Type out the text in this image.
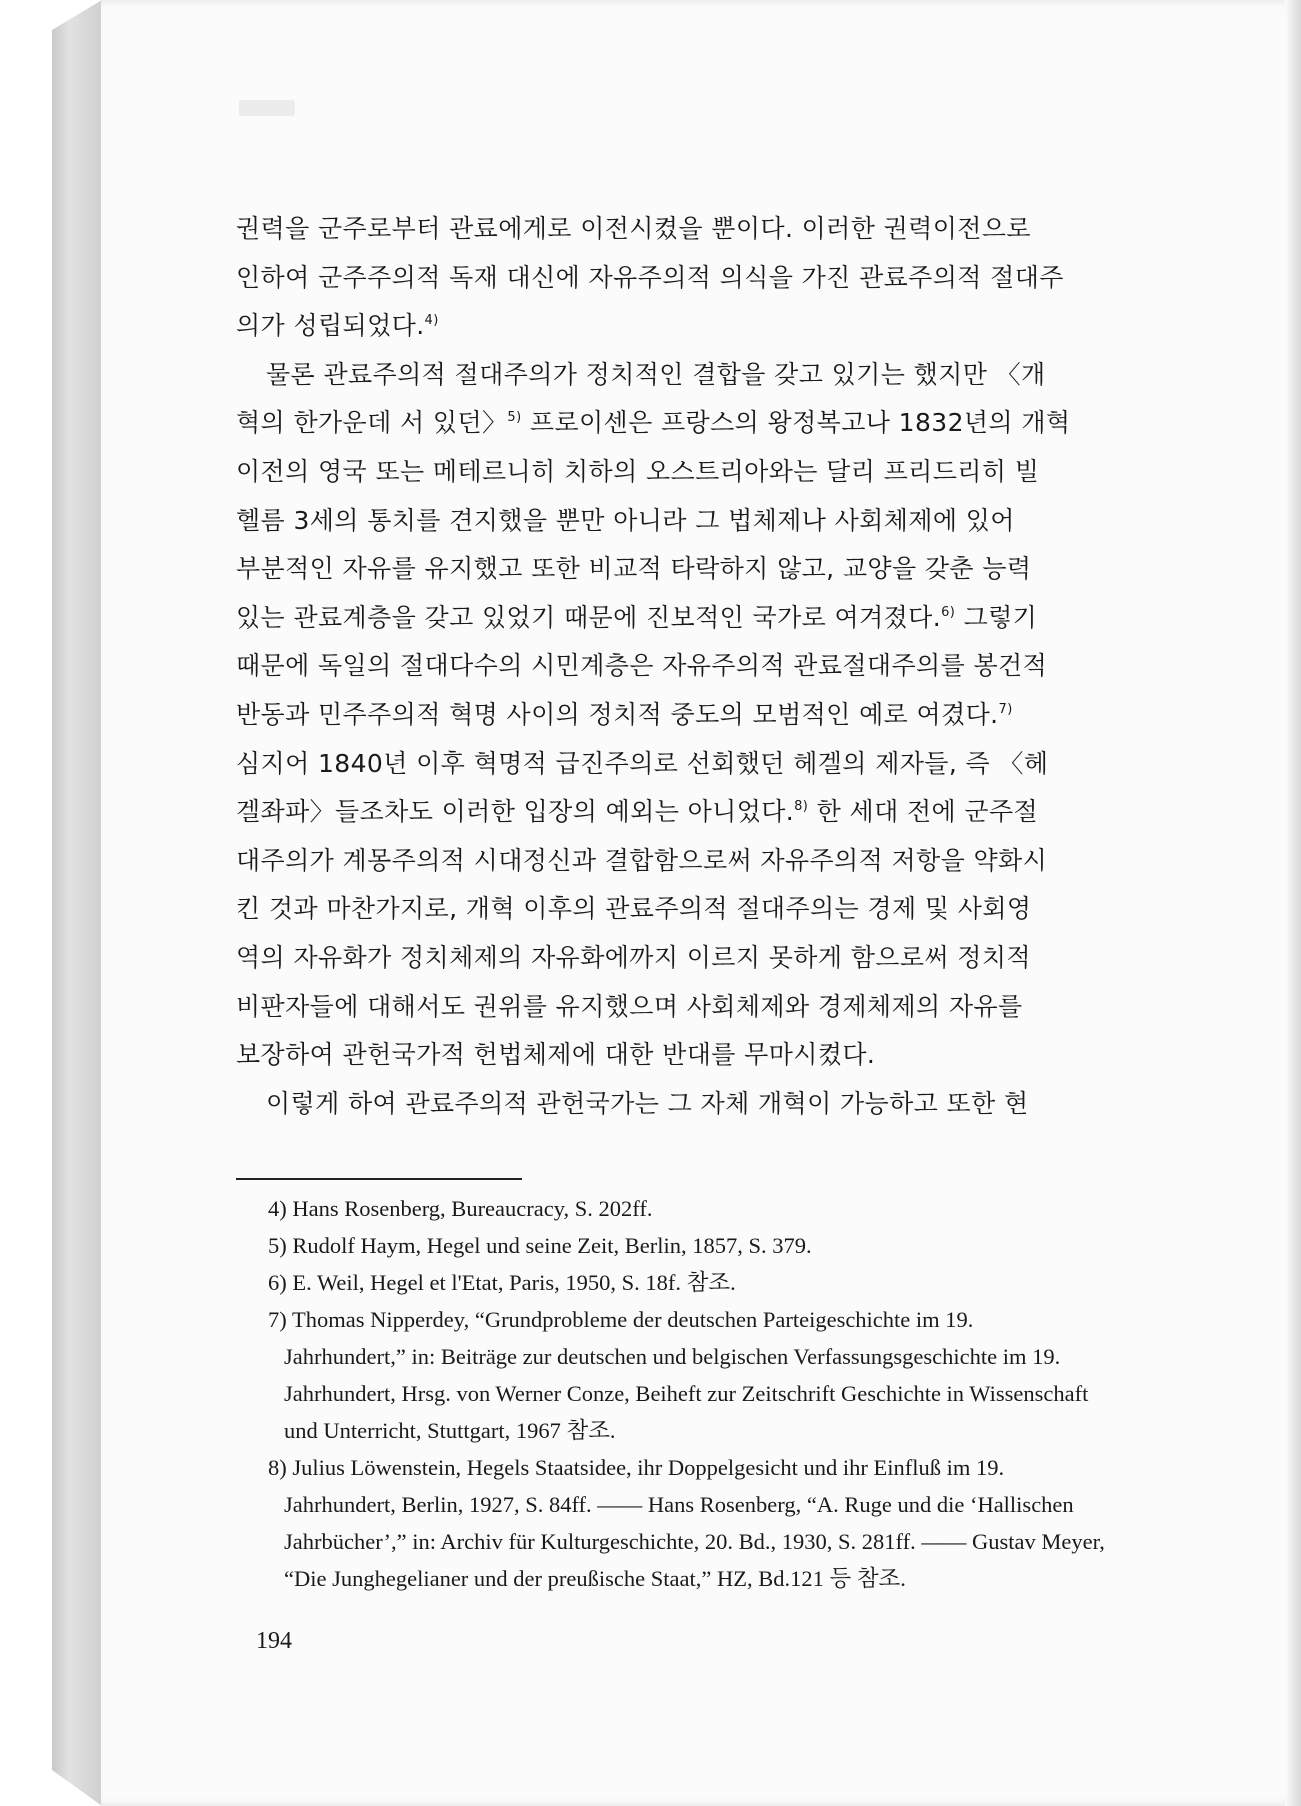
권력을 군주로부터 관료에게로 이전시켰을 뿐이다. 이러한 권력이전으로
인하여 군주주의적 독재 대신에 자유주의적 의식을 가진 관료주의적 절대주
의가 성립되었다.$^{4)}$
물론 관료주의적 절대주의가 정치적인 결합을 갖고 있기는 했지만 〈개
혁의 한가운데 서 있던〉$^{5)}$ 프로이센은 프랑스의 왕정복고나 1832년의 개혁
이전의 영국 또는 메테르니히 치하의 오스트리아와는 달리 프리드리히 빌
헬름 3세의 통치를 견지했을 뿐만 아니라 그 법체제나 사회체제에 있어
부분적인 자유를 유지했고 또한 비교적 타락하지 않고, 교양을 갖춘 능력
있는 관료계층을 갖고 있었기 때문에 진보적인 국가로 여겨졌다.$^{6)}$ 그렇기
때문에 독일의 절대다수의 시민계층은 자유주의적 관료절대주의를 봉건적
반동과 민주주의적 혁명 사이의 정치적 중도의 모범적인 예로 여겼다.$^{7)}$
심지어 1840년 이후 혁명적 급진주의로 선회했던 헤겔의 제자들, 즉 〈헤
겔좌파〉들조차도 이러한 입장의 예외는 아니었다.$^{8)}$ 한 세대 전에 군주절
대주의가 계몽주의적 시대정신과 결합함으로써 자유주의적 저항을 약화시
킨 것과 마찬가지로, 개혁 이후의 관료주의적 절대주의는 경제 및 사회영
역의 자유화가 정치체제의 자유화에까지 이르지 못하게 함으로써 정치적
비판자들에 대해서도 권위를 유지했으며 사회체제와 경제체제의 자유를
보장하여 관헌국가적 헌법체제에 대한 반대를 무마시켰다.
이렇게 하여 관료주의적 관헌국가는 그 자체 개혁이 가능하고 또한 현
4) Hans Rosenberg, Bureaucracy, S. 202ff.
5) Rudolf Haym, Hegel und seine Zeit, Berlin, 1857, S. 379.
6) E. Weil, Hegel et l'Etat, Paris, 1950, S. 18f. 참조.
7) Thomas Nipperdey, “Grundprobleme der deutschen Parteigeschichte im 19.
Jahrhundert,” in: Beiträge zur deutschen und belgischen Verfassungsgeschichte im 19.
Jahrhundert, Hrsg. von Werner Conze, Beiheft zur Zeitschrift Geschichte in Wissenschaft
und Unterricht, Stuttgart, 1967 참조.
8) Julius Löwenstein, Hegels Staatsidee, ihr Doppelgesicht und ihr Einfluß im 19.
Jahrhundert, Berlin, 1927, S. 84ff. —— Hans Rosenberg, “A. Ruge und die ‘Hallischen
Jahrbücher’,” in: Archiv für Kulturgeschichte, 20. Bd., 1930, S. 281ff. —— Gustav Meyer,
“Die Junghegelianer und der preußische Staat,” HZ, Bd.121 등 참조.
194
